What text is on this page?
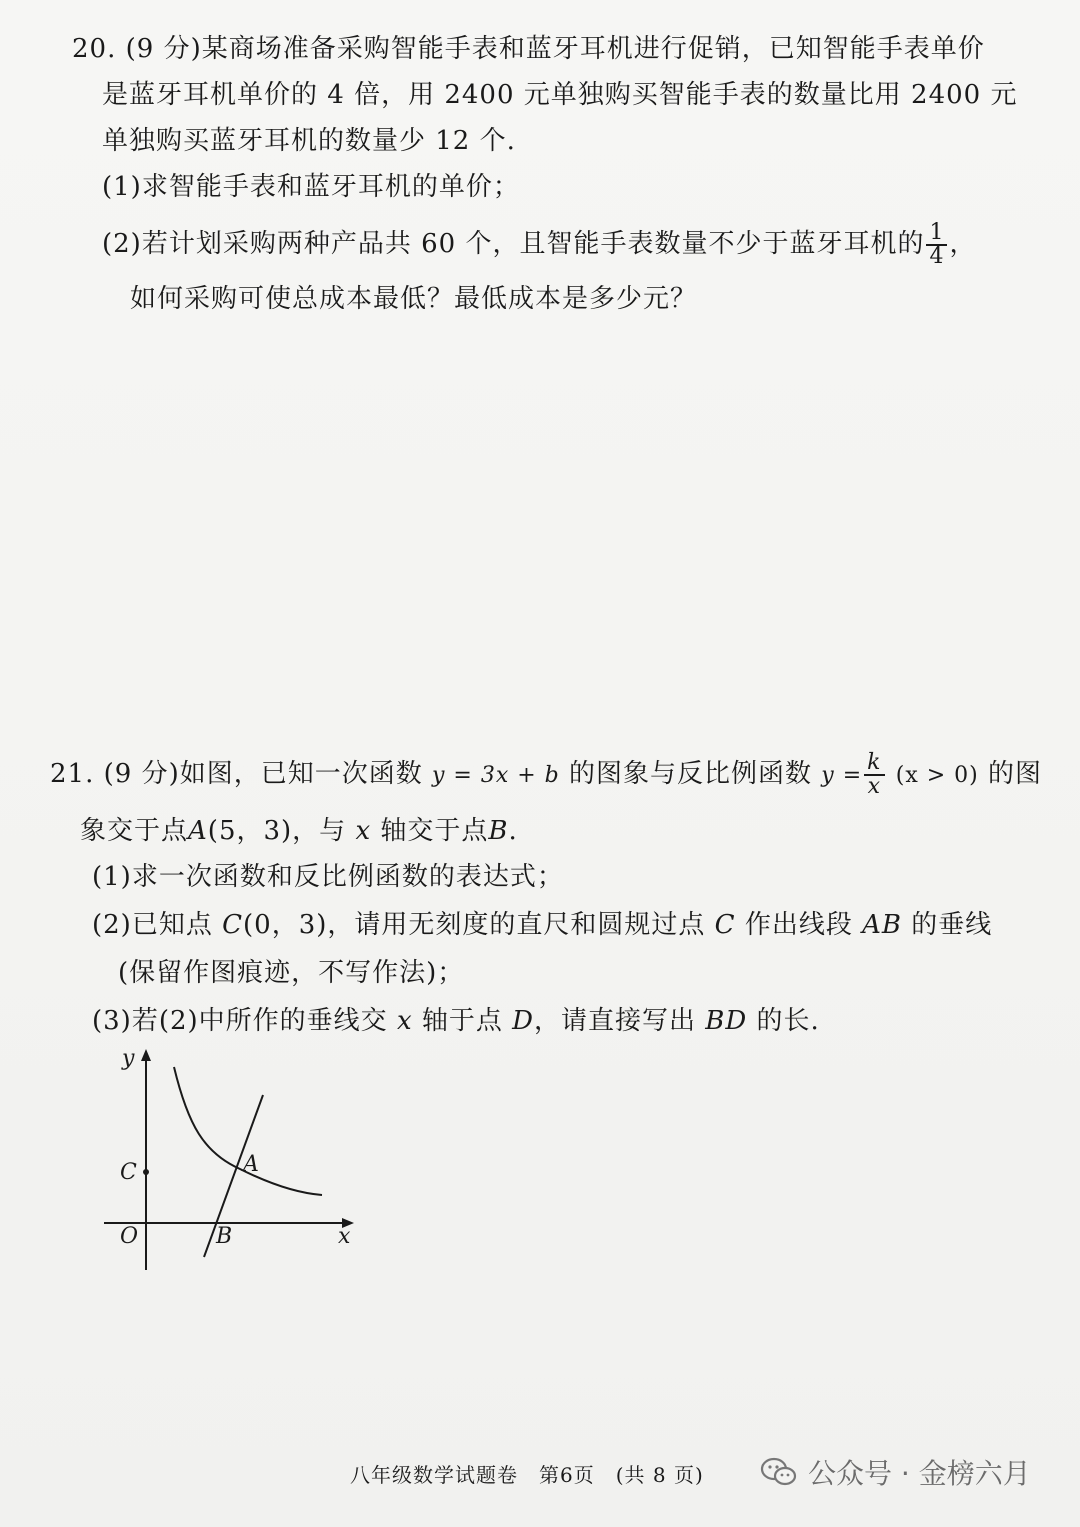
20. (9 分)某商场准备采购智能手表和蓝牙耳机进行促销，已知智能手表单价
是蓝牙耳机单价的 4 倍，用 2400 元单独购买智能手表的数量比用 2400 元
单独购买蓝牙耳机的数量少 12 个.
(1)求智能手表和蓝牙耳机的单价；
(2)若计划采购两种产品共 60 个，且智能手表数量不少于蓝牙耳机的 $\frac{1}{4}$ ，
如何采购可使总成本最低？最低成本是多少元？
21. (9 分)如图，已知一次函数 y = 3x + b 的图象与反比例函数 $y = \frac{k}{x} (x > 0)$ 的图
象交于点A(5，3)，与 x 轴交于点B.
(1)求一次函数和反比例函数的表达式；
(2)已知点 C(0，3)，请用无刻度的直尺和圆规过点 C 作出线段 AB 的垂线
(保留作图痕迹，不写作法)；
(3)若(2)中所作的垂线交 x 轴于点 D，请直接写出 BD 的长.
y
x
O
A
B
C
八年级数学试题卷　第6页　(共 8 页)	公众号 · 金榜六月
